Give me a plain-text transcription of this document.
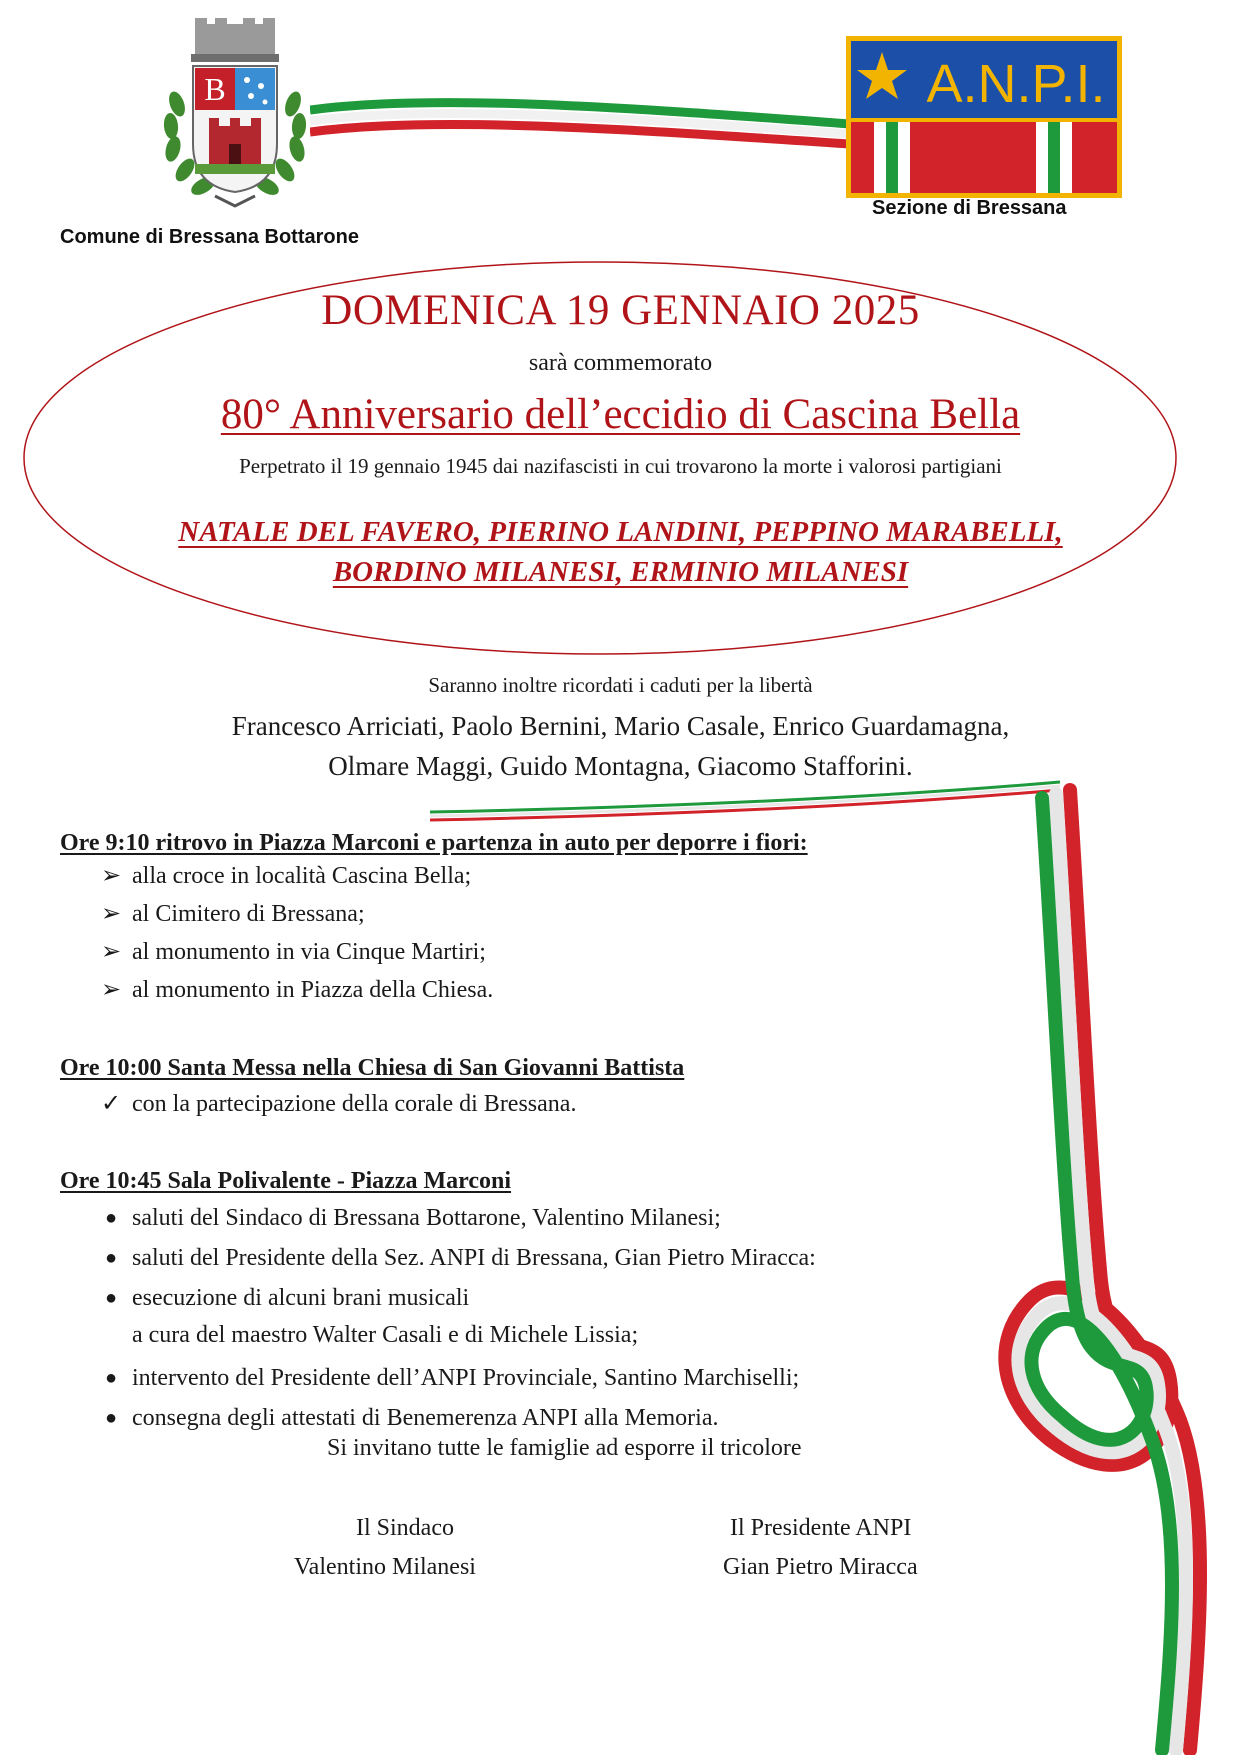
B
Comune di Bressana Bottarone
A.N.P.I.
Sezione di Bressana
DOMENICA 19 GENNAIO 2025
sarà commemorato
80° Anniversario dell’eccidio di Cascina Bella
Perpetrato il 19 gennaio 1945 dai nazifascisti in cui trovarono la morte i valorosi partigiani
NATALE DEL FAVERO, PIERINO LANDINI, PEPPINO MARABELLI,
BORDINO MILANESI, ERMINIO MILANESI
Saranno inoltre ricordati i caduti per la libertà
Francesco Arriciati, Paolo Bernini, Mario Casale, Enrico Guardamagna,
Olmare Maggi, Guido Montagna, Giacomo Stafforini.
Ore 9:10 ritrovo in Piazza Marconi e partenza in auto per deporre i fiori:
➢ alla croce in località Cascina Bella;
➢ al Cimitero di Bressana;
➢ al monumento in via Cinque Martiri;
➢ al monumento in Piazza della Chiesa.
Ore 10:00 Santa Messa nella Chiesa di San Giovanni Battista
✓ con la partecipazione della corale di Bressana.
Ore 10:45 Sala Polivalente - Piazza Marconi
● saluti del Sindaco di Bressana Bottarone, Valentino Milanesi;
● saluti del Presidente della Sez. ANPI di Bressana, Gian Pietro Miracca:
● esecuzione di alcuni brani musicali
a cura del maestro Walter Casali e di Michele Lissia;
● intervento del Presidente dell’ANPI Provinciale, Santino Marchiselli;
● consegna degli attestati di Benemerenza ANPI alla Memoria.
Si invitano tutte le famiglie ad esporre il tricolore
Il Sindaco
Valentino Milanesi
Il Presidente ANPI
Gian Pietro Miracca
